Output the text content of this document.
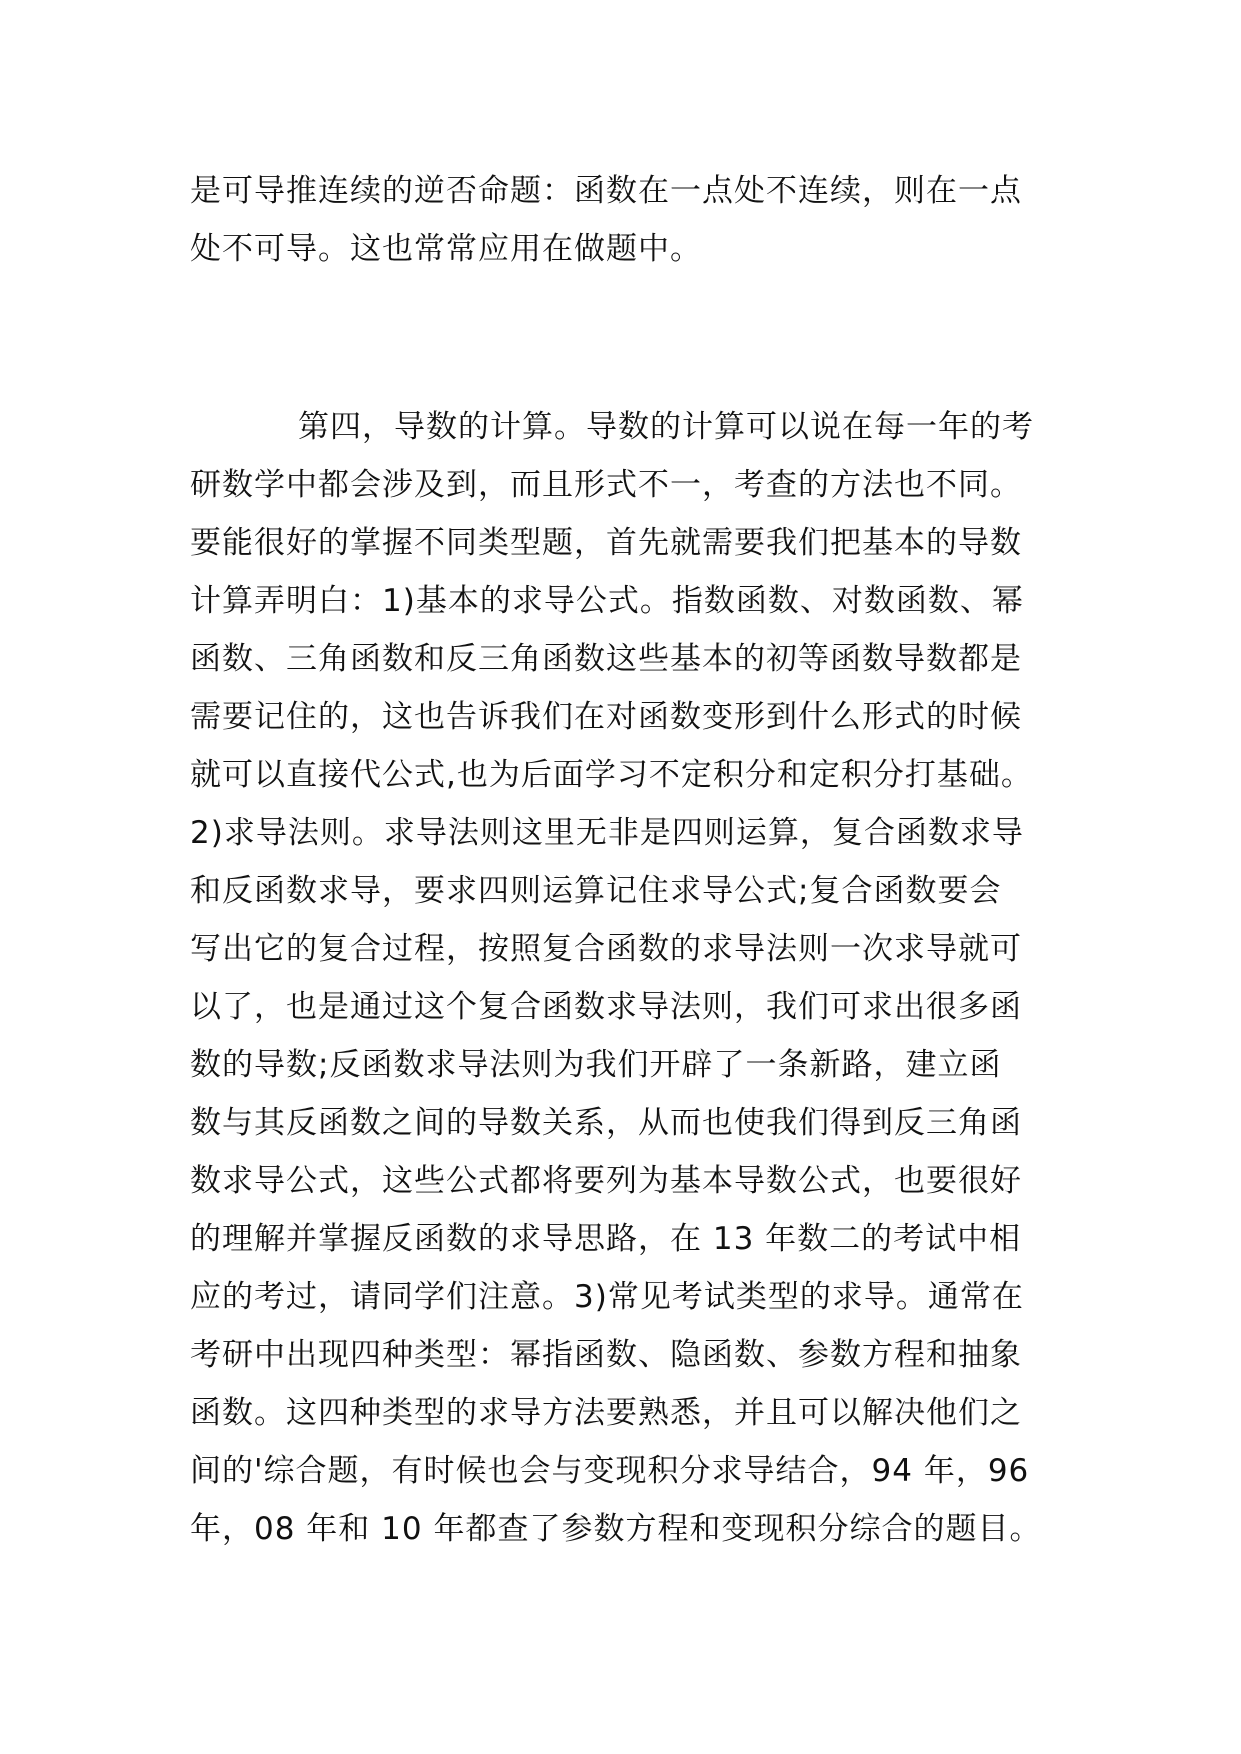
是可导推连续的逆否命题：函数在一点处不连续，则在一点
处不可导。这也常常应用在做题中。
第四，导数的计算。导数的计算可以说在每一年的考
研数学中都会涉及到，而且形式不一，考查的方法也不同。
要能很好的掌握不同类型题，首先就需要我们把基本的导数
计算弄明白：1)基本的求导公式。指数函数、对数函数、幂
函数、三角函数和反三角函数这些基本的初等函数导数都是
需要记住的，这也告诉我们在对函数变形到什么形式的时候
就可以直接代公式,也为后面学习不定积分和定积分打基础。
2)求导法则。求导法则这里无非是四则运算，复合函数求导
和反函数求导，要求四则运算记住求导公式;复合函数要会
写出它的复合过程，按照复合函数的求导法则一次求导就可
以了，也是通过这个复合函数求导法则，我们可求出很多函
数的导数;反函数求导法则为我们开辟了一条新路，建立函
数与其反函数之间的导数关系，从而也使我们得到反三角函
数求导公式，这些公式都将要列为基本导数公式，也要很好
的理解并掌握反函数的求导思路，在 13 年数二的考试中相
应的考过，请同学们注意。3)常见考试类型的求导。通常在
考研中出现四种类型：幂指函数、隐函数、参数方程和抽象
函数。这四种类型的求导方法要熟悉，并且可以解决他们之
间的'综合题，有时候也会与变现积分求导结合，94 年，96
年，08 年和 10 年都查了参数方程和变现积分综合的题目。
